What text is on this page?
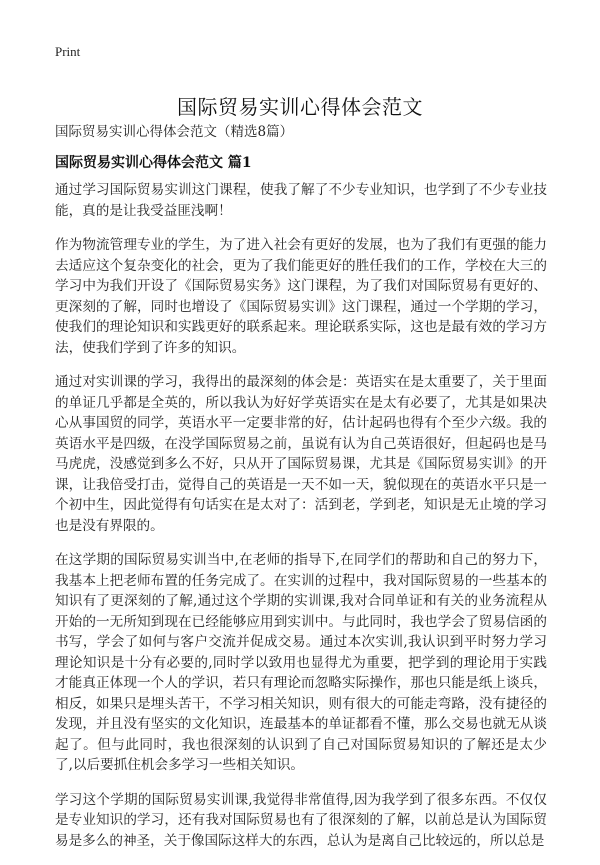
Print
国际贸易实训心得体会范文
国际贸易实训心得体会范文（精选8篇）
国际贸易实训心得体会范文 篇1

通过学习国际贸易实训这门课程，使我了解了不少专业知识，也学到了不少专业技能，真的是让我受益匪浅啊！

作为物流管理专业的学生，为了进入社会有更好的发展，也为了我们有更强的能力去适应这个复杂变化的社会，更为了我们能更好的胜任我们的工作，学校在大三的学习中为我们开设了《国际贸易实务》这门课程，为了我们对国际贸易有更好的、更深刻的了解，同时也增设了《国际贸易实训》这门课程，通过一个学期的学习，使我们的理论知识和实践更好的联系起来。理论联系实际，这也是最有效的学习方法，使我们学到了许多的知识。

通过对实训课的学习，我得出的最深刻的体会是：英语实在是太重要了，关于里面的单证几乎都是全英的，所以我认为好好学英语实在是太有必要了，尤其是如果决心从事国贸的同学，英语水平一定要非常的好，估计起码也得有个至少六级。我的英语水平是四级，在没学国际贸易之前，虽说有认为自己英语很好，但起码也是马马虎虎，没感觉到多么不好，只从开了国际贸易课，尤其是《国际贸易实训》的开课，让我倍受打击，觉得自己的英语是一天不如一天，貌似现在的英语水平只是一个初中生，因此觉得有句话实在是太对了：活到老，学到老，知识是无止境的学习也是没有界限的。

在这学期的国际贸易实训当中,在老师的指导下,在同学们的帮助和自己的努力下，我基本上把老师布置的任务完成了。在实训的过程中，我对国际贸易的一些基本的知识有了更深刻的了解,通过这个学期的实训课,我对合同单证和有关的业务流程从开始的一无所知到现在已经能够应用到实训中。与此同时，我也学会了贸易信函的书写，学会了如何与客户交流并促成交易。通过本次实训,我认识到平时努力学习理论知识是十分有必要的,同时学以致用也显得尤为重要，把学到的理论用于实践才能真正体现一个人的学识，若只有理论而忽略实际操作，那也只能是纸上谈兵，相反，如果只是埋头苦干，不学习相关知识，则有很大的可能走弯路，没有捷径的发现，并且没有坚实的文化知识，连最基本的单证都看不懂，那么交易也就无从谈起了。但与此同时，我也很深刻的认识到了自己对国际贸易知识的了解还是太少了,以后要抓住机会多学习一些相关知识。

学习这个学期的国际贸易实训课,我觉得非常值得,因为我学到了很多东西。不仅仅是专业知识的学习，还有我对国际贸易也有了很深刻的了解，以前总是认为国际贸易是多么的神圣，关于像国际这样大的东西，总认为是离自己比较远的，所以总是
